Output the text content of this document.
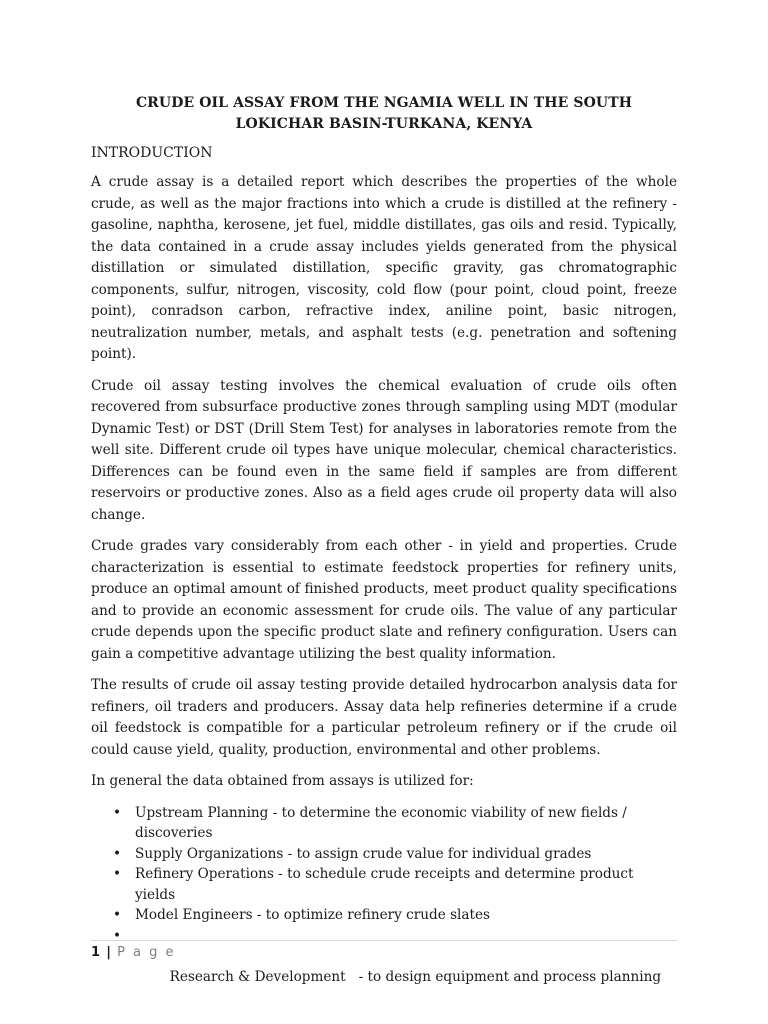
CRUDE OIL ASSAY FROM THE NGAMIA WELL IN THE SOUTH LOKICHAR BASIN-TURKANA, KENYA
INTRODUCTION

A crude assay is a detailed report which describes the properties of the whole crude, as well as the major fractions into which a crude is distilled at the refinery - gasoline, naphtha, kerosene, jet fuel, middle distillates, gas oils and resid. Typically, the data contained in a crude assay includes yields generated from the physical distillation or simulated distillation, specific gravity, gas chromatographic components, sulfur, nitrogen, viscosity, cold flow (pour point, cloud point, freeze point), conradson carbon, refractive index, aniline point, basic nitrogen, neutralization number, metals, and asphalt tests (e.g. penetration and softening point).

Crude oil assay testing involves the chemical evaluation of crude oils often recovered from subsurface productive zones through sampling using MDT (modular Dynamic Test) or DST (Drill Stem Test) for analyses in laboratories remote from the well site. Different crude oil types have unique molecular, chemical characteristics. Differences can be found even in the same field if samples are from different reservoirs or productive zones. Also as a field ages crude oil property data will also change.

Crude grades vary considerably from each other - in yield and properties. Crude characterization is essential to estimate feedstock properties for refinery units, produce an optimal amount of finished products, meet product quality specifications and to provide an economic assessment for crude oils. The value of any particular crude depends upon the specific product slate and refinery configuration. Users can gain a competitive advantage utilizing the best quality information.

The results of crude oil assay testing provide detailed hydrocarbon analysis data for refiners, oil traders and producers. Assay data help refineries determine if a crude oil feedstock is compatible for a particular petroleum refinery or if the crude oil could cause yield, quality, production, environmental and other problems.

In general the data obtained from assays is utilized for:

• Upstream Planning - to determine the economic viability of new fields / discoveries
• Supply Organizations - to assign crude value for individual grades
• Refinery Operations - to schedule crude receipts and determine product yields
• Model Engineers - to optimize refinery crude slates

•

Research & Development   - to design equipment and process planning

1 | P a g e
